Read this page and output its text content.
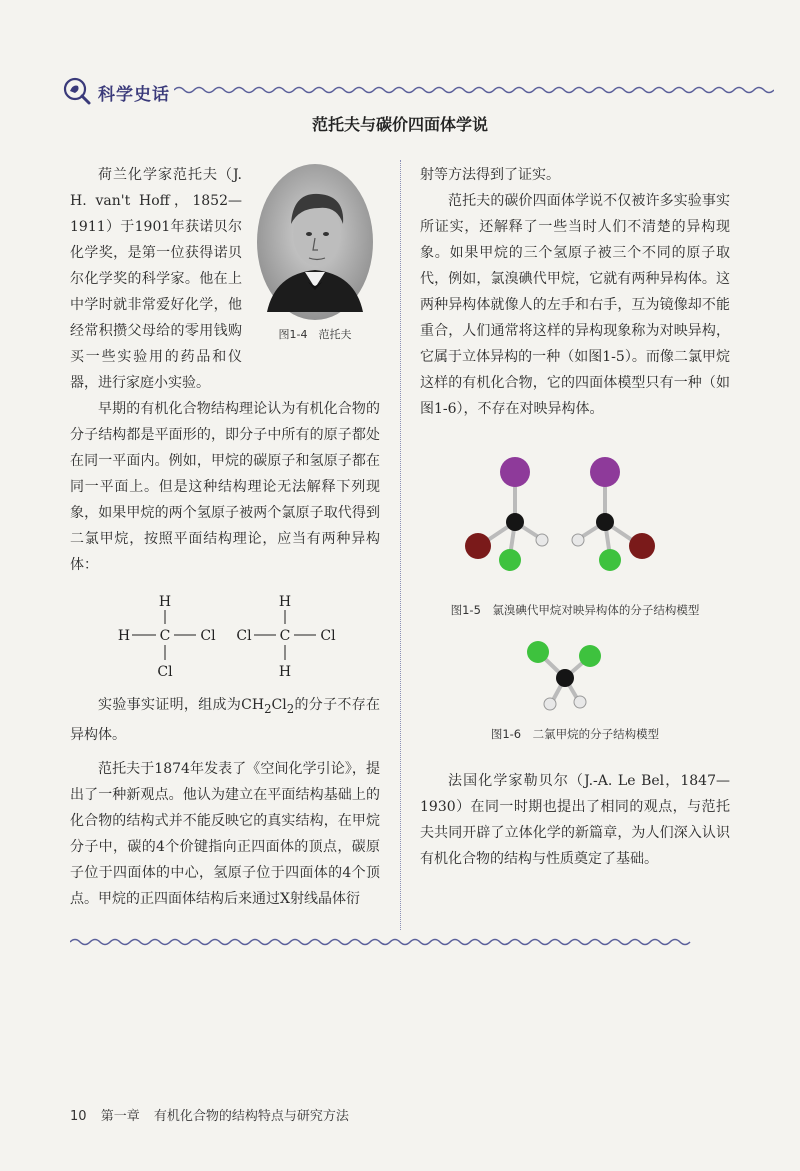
科学史话
范托夫与碳价四面体学说
图1-4　范托夫

荷兰化学家范托夫（J. H. van't Hoff，1852—1911）于1901年获诺贝尔化学奖，是第一位获得诺贝尔化学奖的科学家。他在上中学时就非常爱好化学，他经常积攒父母给的零用钱购买一些实验用的药品和仪器，进行家庭小实验。

早期的有机化合物结构理论认为有机化合物的分子结构都是平面形的，即分子中所有的原子都处在同一平面内。例如，甲烷的碳原子和氢原子都在同一平面上。但是这种结构理论无法解释下列现象，如果甲烷的两个氢原子被两个氯原子取代得到二氯甲烷，按照平面结构理论，应当有两种异构体：

H
H C Cl
Cl
H
Cl C Cl
H

实验事实证明，组成为$CH_2Cl_2$的分子不存在异构体。

范托夫于1874年发表了《空间化学引论》，提出了一种新观点。他认为建立在平面结构基础上的化合物的结构式并不能反映它的真实结构，在甲烷分子中，碳的4个价键指向正四面体的顶点，碳原子位于四面体的中心，氢原子位于四面体的4个顶点。甲烷的正四面体结构后来通过X射线晶体衍

射等方法得到了证实。

范托夫的碳价四面体学说不仅被许多实验事实所证实，还解释了一些当时人们不清楚的异构现象。如果甲烷的三个氢原子被三个不同的原子取代，例如，氯溴碘代甲烷，它就有两种异构体。这两种异构体就像人的左手和右手，互为镜像却不能重合，人们通常将这样的异构现象称为对映异构，它属于立体异构的一种（如图1-5）。而像二氯甲烷这样的有机化合物，它的四面体模型只有一种（如图1-6），不存在对映异构体。

图1-5　氯溴碘代甲烷对映异构体的分子结构模型
图1-6　二氯甲烷的分子结构模型

法国化学家勒贝尔（J.-A. Le Bel，1847—1930）在同一时期也提出了相同的观点，与范托夫共同开辟了立体化学的新篇章，为人们深入认识有机化合物的结构与性质奠定了基础。

10 第一章 有机化合物的结构特点与研究方法
